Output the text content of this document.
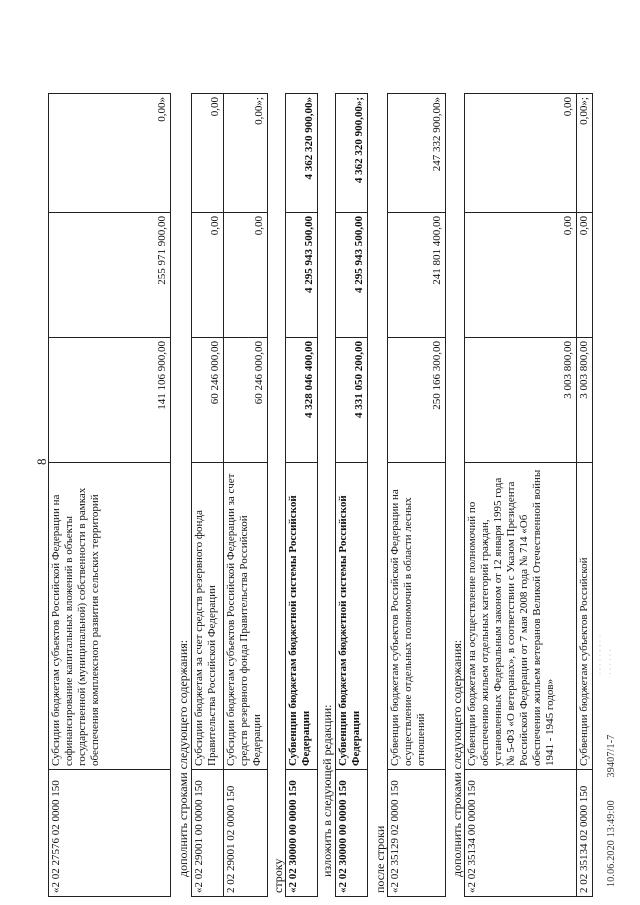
8
«2 02 27576 02 0000 150	Субсидии бюджетам субъектов Российской Федерации на софинансирование капитальных вложений в объекты государственной (муниципальной) собственности в рамках обеспечения комплексного развития сельских территорий	141 106 900,00	255 971 900,00	0,00»
дополнить строками следующего содержания: «2 02 29001 00 0000 150	Субсидии бюджетам за счет средств резервного фонда Правительства Российской Федерации	60 246 000,00	0,00	0,00
2 02 29001 02 0000 150	Субсидии бюджетам субъектов Российской Федерации за счет средств резервного фонда Правительства Российской Федерации	60 246 000,00	0,00	0,00»;
строку «2 02 30000 00 0000 150	Субвенции бюджетам бюджетной системы Российской Федерации	4 328 046 400,00	4 295 943 500,00	4 362 320 900,00»
изложить в следующей редакции: «2 02 30000 00 0000 150	Субвенции бюджетам бюджетной системы Российской Федерации	4 331 050 200,00	4 295 943 500,00	4 362 320 900,00»;
после строки «2 02 35129 02 0000 150	Субвенции бюджетам субъектов Российской Федерации на осуществление отдельных полномочий в области лесных отношений	250 166 300,00	241 801 400,00	247 332 900,00»
дополнить строками следующего содержания: «2 02 35134 00 0000 150	Субвенции бюджетам на осуществление полномочий по обеспечению жильем отдельных категорий граждан, установленных Федеральным законом от 12 января 1995 года № 5-ФЗ «О ветеранах», в соответствии с Указом Президента Российской Федерации от 7 мая 2008 года № 714 «Об обеспечении жильем ветеранов Великой Отечественной войны 1941 - 1945 годов»	3 003 800,00	0,00	0,00
2 02 35134 02 0000 150	Субвенции бюджетам субъектов Российской	3 003 800,00	0,00	0,00»;
· · · · · · · · ·
· · · · · ·
10.06.2020 13:49:00 39407/1-7
